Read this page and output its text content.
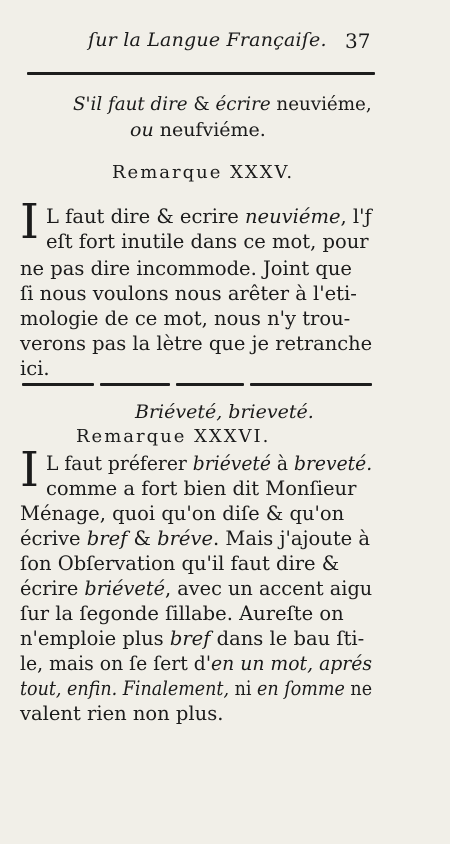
ſur la Langue Françaiſe. 37
S'il faut dire & écrire neuviéme,
ou neufviéme.
Remarque XXXV.
I L faut dire & ecrire neuviéme, l'ƒ
eſt fort inutile dans ce mot, pour
ne pas dire incommode. Joint que
ſi nous voulons nous arêter à l'eti-
mologie de ce mot, nous n'y trou-
verons pas la lètre que je retranche
ici.
Briéveté, brieveté.
Remarque XXXVI.
I L faut préferer briéveté à breveté.
comme a fort bien dit Monſieur
Ménage, quoi qu'on diſe & qu'on
écrive bref & bréve. Mais j'ajoute à
ſon Obſervation qu'il faut dire &
écrire briéveté, avec un accent aigu
ſur la ſegonde ſillabe. Aureſte on
n'emploie plus bref dans le bau ſti-
le, mais on ſe ſert d'en un mot, aprés
tout, enfin. Finalement, ni en ſomme ne
valent rien non plus.
